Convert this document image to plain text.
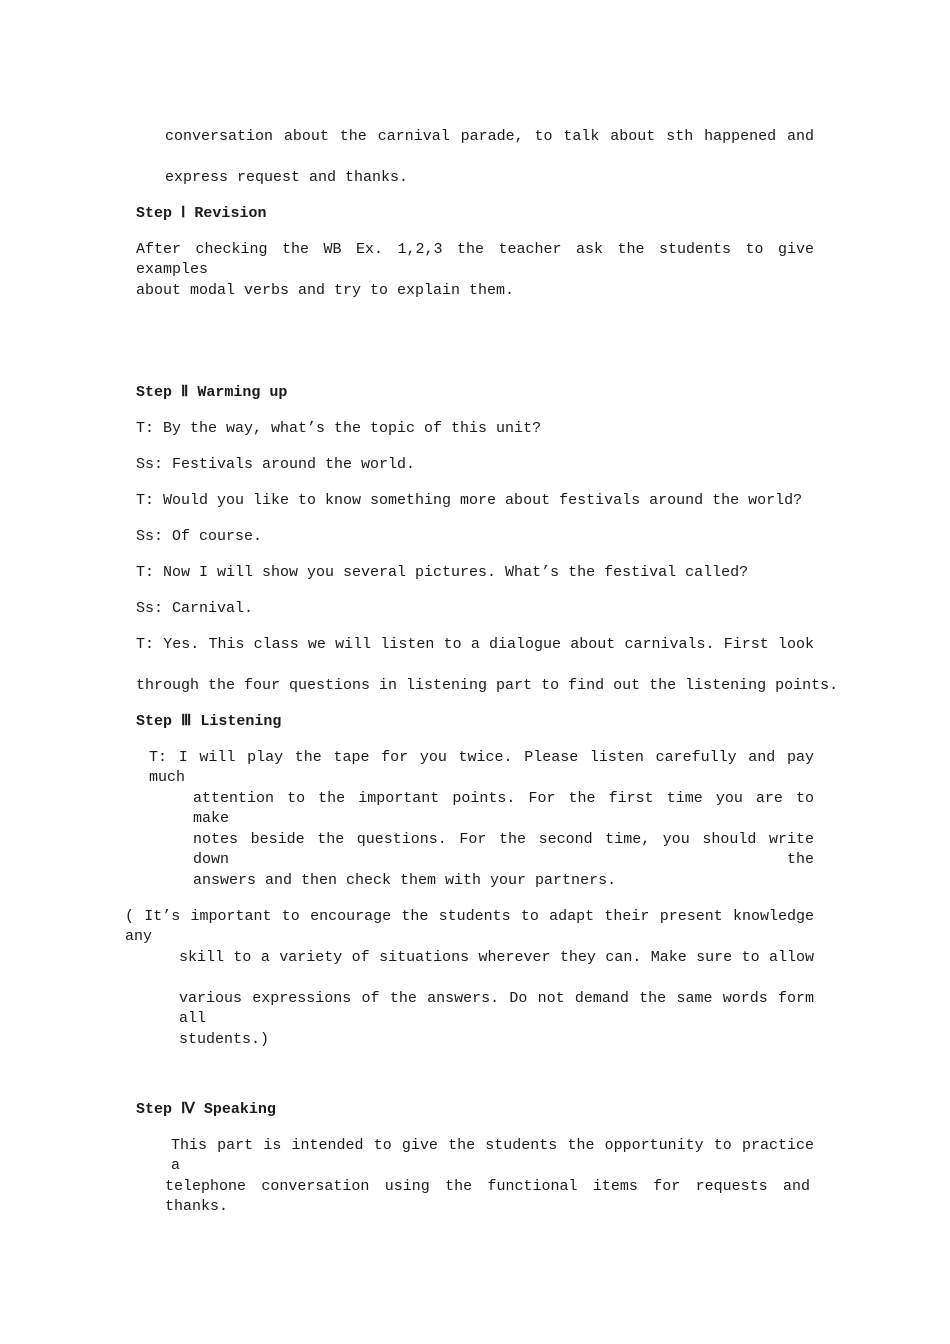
conversation about the carnival parade, to talk about sth happened and
express request and thanks.
Step Ⅰ Revision
After checking the WB Ex. 1,2,3 the teacher ask the students to give examples
about modal verbs and try to explain them.
Step Ⅱ Warming up
T: By the way, what’s the topic of this unit?
Ss: Festivals around the world.
T: Would you like to know something more about festivals around the world?
Ss: Of course.
T: Now I will show you several pictures. What’s the festival called?
Ss: Carnival.
T: Yes. This class we will listen to a dialogue about carnivals. First look
through the four questions in listening part to find out the listening points.
Step Ⅲ Listening
T: I will play the tape for you twice. Please listen carefully and pay much
attention to the important points. For the first time you are to make
notes beside the questions. For the second time, you should write down the
answers and then check them with your partners.
( It’s important to encourage the students to adapt their present knowledge any
skill to a variety of situations wherever they can. Make sure to allow
various expressions of the answers. Do not demand the same words form all
students.)
Step Ⅳ Speaking
This part is intended to give the students the opportunity to practice a
telephone conversation using the functional items for requests and thanks.
